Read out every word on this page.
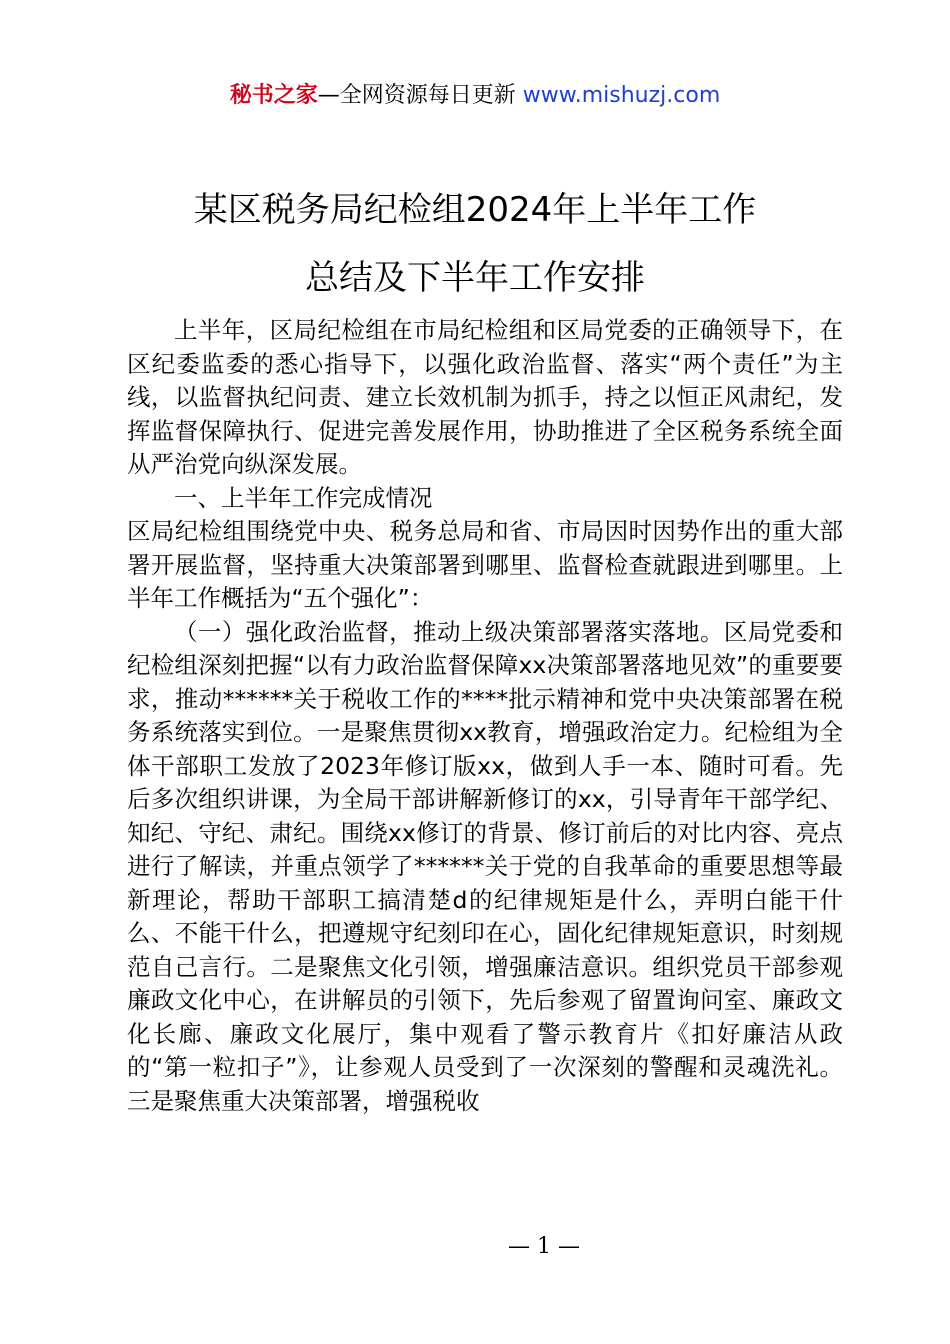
秘书之家—全网资源每日更新 www.mishuzj.com
某区税务局纪检组2024年上半年工作
总结及下半年工作安排

上半年，区局纪检组在市局纪检组和区局党委的正确领导下，在区纪委监委的悉心指导下，以强化政治监督、落实“两个责任”为主线，以监督执纪问责、建立长效机制为抓手，持之以恒正风肃纪，发挥监督保障执行、促进完善发展作用，协助推进了全区税务系统全面从严治党向纵深发展。

一、上半年工作完成情况

区局纪检组围绕党中央、税务总局和省、市局因时因势作出的重大部署开展监督，坚持重大决策部署到哪里、监督检查就跟进到哪里。上半年工作概括为“五个强化”：

（一）强化政治监督，推动上级决策部署落实落地。区局党委和纪检组深刻把握“以有力政治监督保障xx决策部署落地见效”的重要要求，推动******关于税收工作的****批示精神和党中央决策部署在税务系统落实到位。一是聚焦贯彻xx教育，增强政治定力。纪检组为全体干部职工发放了2023年修订版xx，做到人手一本、随时可看。先后多次组织讲课，为全局干部讲解新修订的xx，引导青年干部学纪、知纪、守纪、肃纪。围绕xx修订的背景、修订前后的对比内容、亮点进行了解读，并重点领学了******关于党的自我革命的重要思想等最新理论，帮助干部职工搞清楚d的纪律规矩是什么，弄明白能干什么、不能干什么，把遵规守纪刻印在心，固化纪律规矩意识，时刻规范自己言行。二是聚焦文化引领，增强廉洁意识。组织党员干部参观廉政文化中心，在讲解员的引领下，先后参观了留置询问室、廉政文化长廊、廉政文化展厅，集中观看了警示教育片《扣好廉洁从政的“第一粒扣子”》，让参观人员受到了一次深刻的警醒和灵魂洗礼。三是聚焦重大决策部署，增强税收

— 1 —
